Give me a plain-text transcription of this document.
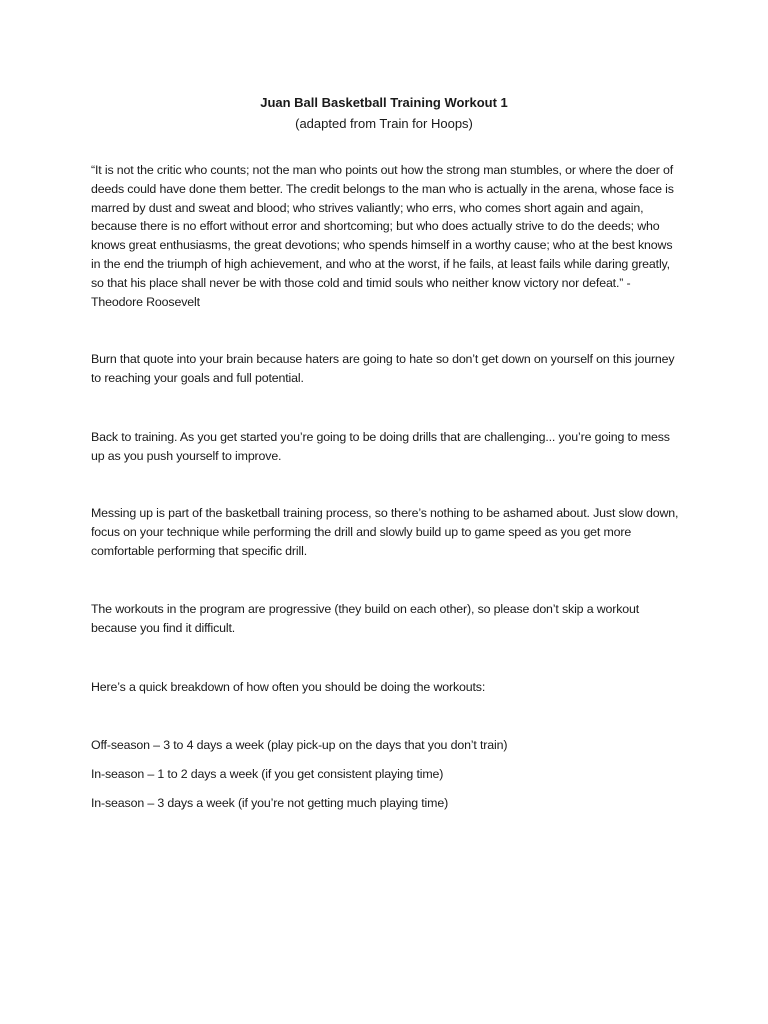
Juan Ball Basketball Training Workout 1
(adapted from Train for Hoops)

“It is not the critic who counts; not the man who points out how the strong man stumbles, or where the doer of deeds could have done them better. The credit belongs to the man who is actually in the arena, whose face is marred by dust and sweat and blood; who strives valiantly; who errs, who comes short again and again, because there is no effort without error and shortcoming; but who does actually strive to do the deeds; who knows great enthusiasms, the great devotions; who spends himself in a worthy cause; who at the best knows in the end the triumph of high achievement, and who at the worst, if he fails, at least fails while daring greatly, so that his place shall never be with those cold and timid souls who neither know victory nor defeat.” -Theodore Roosevelt

Burn that quote into your brain because haters are going to hate so don’t get down on yourself on this journey to reaching your goals and full potential.

Back to training. As you get started you’re going to be doing drills that are challenging... you’re going to mess up as you push yourself to improve.

Messing up is part of the basketball training process, so there’s nothing to be ashamed about. Just slow down, focus on your technique while performing the drill and slowly build up to game speed as you get more comfortable performing that specific drill.

The workouts in the program are progressive (they build on each other), so please don’t skip a workout because you find it difficult.

Here’s a quick breakdown of how often you should be doing the workouts:

Off-season – 3 to 4 days a week (play pick-up on the days that you don’t train)
In-season – 1 to 2 days a week (if you get consistent playing time)
In-season – 3 days a week (if you’re not getting much playing time)
